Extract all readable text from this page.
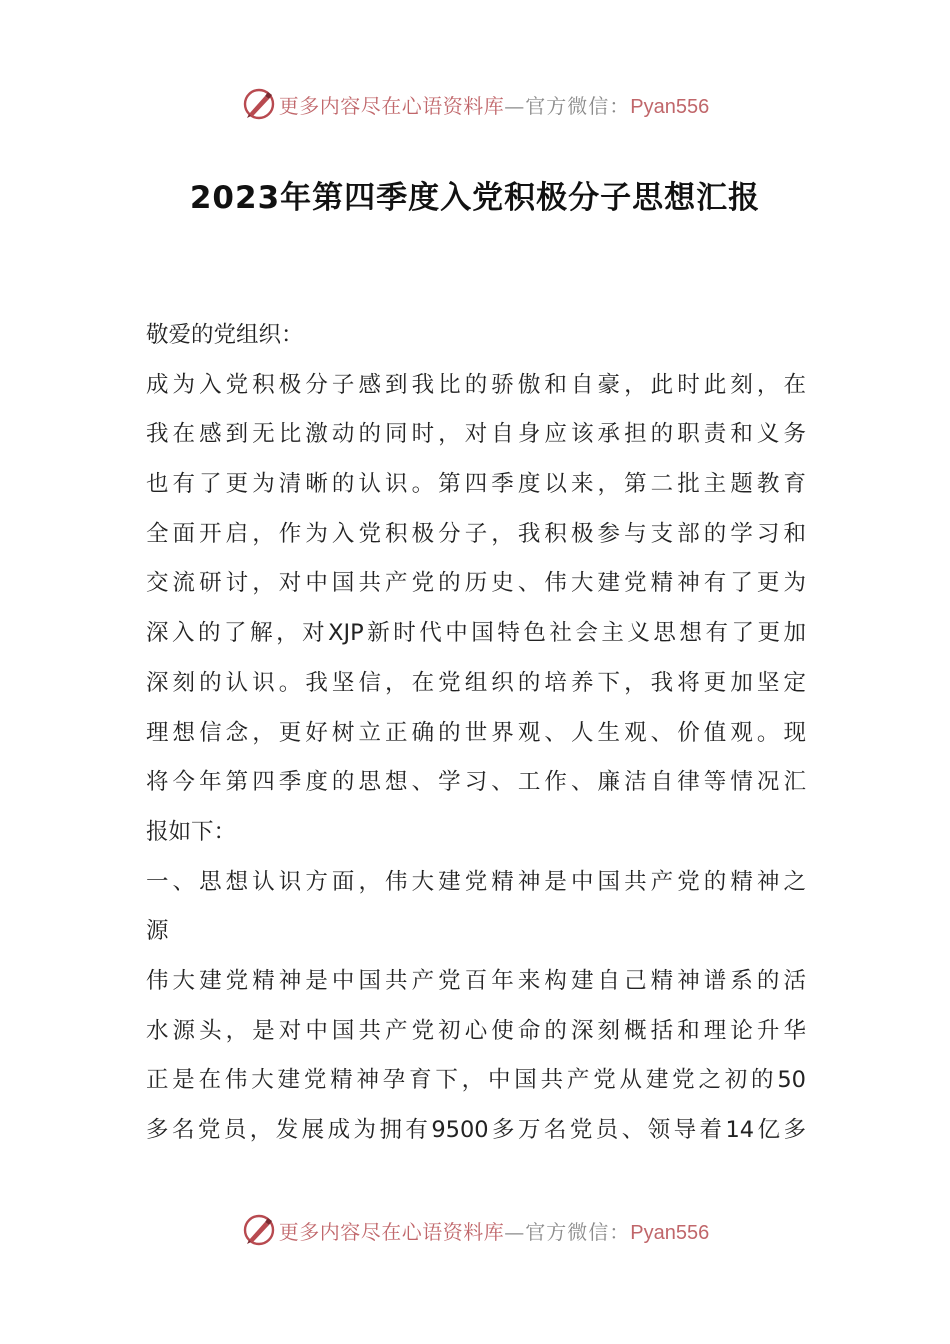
更多内容尽在心语资料库—官方微信：Pyan556
2023年第四季度入党积极分子思想汇报
敬爱的党组织：
成为入党积极分子感到我比的骄傲和自豪，此时此刻，在
我在感到无比激动的同时，对自身应该承担的职责和义务
也有了更为清晰的认识。第四季度以来，第二批主题教育
全面开启，作为入党积极分子，我积极参与支部的学习和
交流研讨，对中国共产党的历史、伟大建党精神有了更为
深入的了解，对XJP新时代中国特色社会主义思想有了更加
深刻的认识。我坚信，在党组织的培养下，我将更加坚定
理想信念，更好树立正确的世界观、人生观、价值观。现
将今年第四季度的思想、学习、工作、廉洁自律等情况汇
报如下：
一、思想认识方面，伟大建党精神是中国共产党的精神之
源
伟大建党精神是中国共产党百年来构建自己精神谱系的活
水源头，是对中国共产党初心使命的深刻概括和理论升华
正是在伟大建党精神孕育下，中国共产党从建党之初的50
多名党员，发展成为拥有9500多万名党员、领导着14亿多
更多内容尽在心语资料库—官方微信：Pyan556
